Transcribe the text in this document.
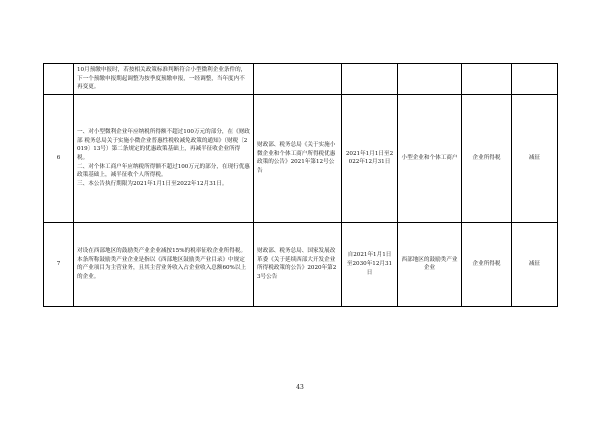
	10月预缴申报时，若按相关政策标准判断符合小型微利企业条件的，下一个预缴申报期起调整为按季度预缴申报，一经调整，当年度内不再变更。					
6	一、对小型微利企业年应纳税所得额不超过100万元的部分，在《财政部 税务总局关于实施小微企业普惠性税收减免政策的通知》（财税〔2019〕13号）第二条规定的优惠政策基础上，再减半征收企业所得税。
二、对个体工商户年应纳税所得额不超过100万元的部分，在现行优惠政策基础上，减半征收个人所得税。
三、本公告执行期限为2021年1月1日至2022年12月31日。	财政部、税务总局《关于实施小微企业和个体工商户所得税优惠政策的公告》2021年第12号公告	2021年1月1日至2022年12月31日	小型企业和个体工商户	企业所得税	减征
7	对设在西部地区的鼓励类产业企业减按15%的税率征收企业所得税。本条所称鼓励类产业企业是指以《西部地区鼓励类产业目录》中规定的产业项目为主营业务，且其主营业务收入占企业收入总额60%以上的企业。	财政部、税务总局、国家发展改革委《关于延续西部大开发企业所得税政策的公告》2020年第23号公告	自2021年1月1日至2030年12月31日	西部地区的鼓励类产业企业	企业所得税	减征
43
